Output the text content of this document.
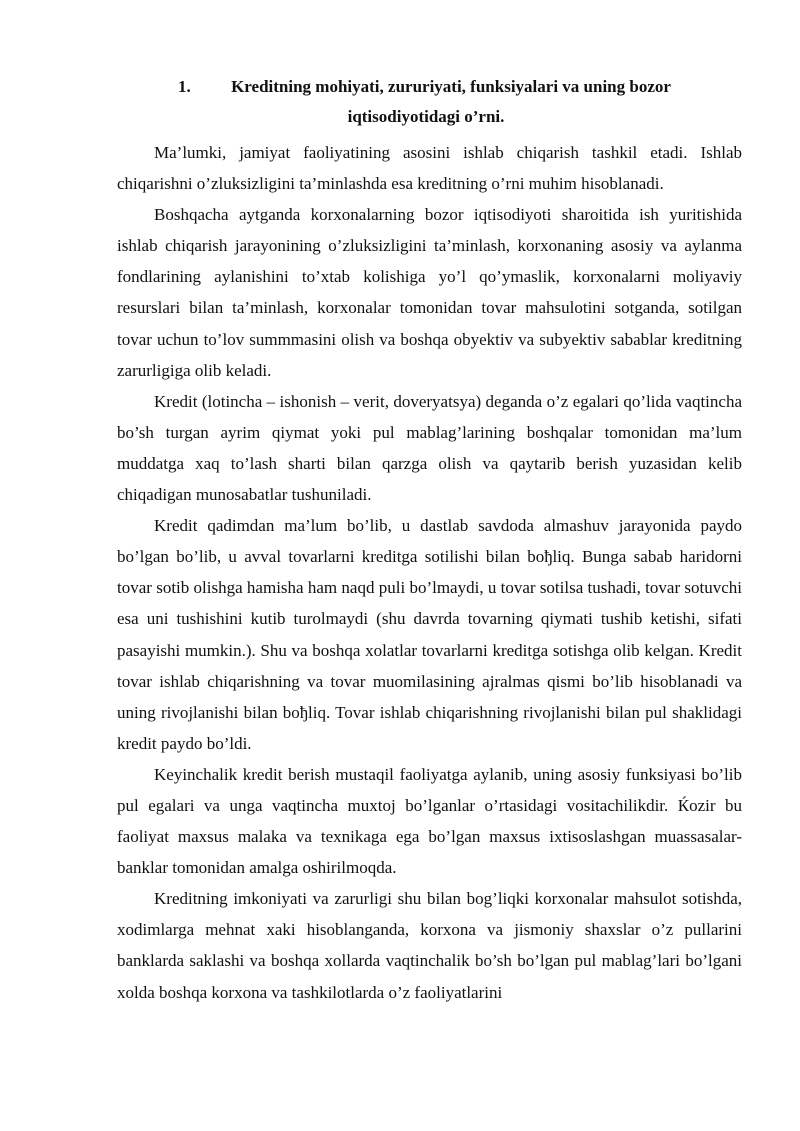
1.	Kreditning mohiyati, zururiyati, funksiyalari va uning bozor
iqtisodiyotidagi o’rni.

Ma’lumki, jamiyat faoliyatining asosini ishlab chiqarish tashkil etadi. Ishlab chiqarishni o’zluksizligini ta’minlashda esa kreditning o’rni muhim hisoblanadi.

Boshqacha aytganda korxonalarning bozor iqtisodiyoti sharoitida ish yuritishida ishlab chiqarish jarayonining o’zluksizligini ta’minlash, korxonaning asosiy va aylanma fondlarining aylanishini to’xtab kolishiga yo’l qo’ymaslik, korxonalarni moliyaviy resurslari bilan ta’minlash, korxonalar tomonidan tovar mahsulotini sotganda, sotilgan tovar uchun to’lov summmasini olish va boshqa obyektiv va subyektiv sabablar kreditning zarurligiga olib keladi.

Kredit (lotincha – ishonish – verit, doveryatsya) deganda o’z egalari qo’lida vaqtincha bo’sh turgan ayrim qiymat yoki pul mablag’larining boshqalar tomonidan ma’lum muddatga xaq to’lash sharti bilan qarzga olish va qaytarib berish yuzasidan kelib chiqadigan munosabatlar tushuniladi.

Kredit qadimdan ma’lum bo’lib, u dastlab savdoda almashuv jarayonida paydo bo’lgan bo’lib, u avval tovarlarni kreditga sotilishi bilan boђliq. Bunga sabab haridorni tovar sotib olishga hamisha ham naqd puli bo’lmaydi, u tovar sotilsa tushadi, tovar sotuvchi esa uni tushishini kutib turolmaydi (shu davrda tovarning qiymati tushib ketishi, sifati pasayishi mumkin.). Shu va boshqa xolatlar tovarlarni kreditga sotishga olib kelgan. Kredit tovar ishlab chiqarishning va tovar muomilasining ajralmas qismi bo’lib hisoblanadi va uning rivojlanishi bilan boђliq. Tovar ishlab chiqarishning rivojlanishi bilan pul shaklidagi kredit paydo bo’ldi.

Keyinchalik kredit berish mustaqil faoliyatga aylanib, uning asosiy funksiyasi bo’lib pul egalari va unga vaqtincha muxtoj bo’lganlar o’rtasidagi vositachilikdir. Ќozir bu faoliyat maxsus malaka va texnikaga ega bo’lgan maxsus ixtisoslashgan muassasalar-banklar tomonidan amalga oshirilmoqda.

Kreditning imkoniyati va zarurligi shu bilan bog’liqki korxonalar mahsulot sotishda, xodimlarga mehnat xaki hisoblanganda, korxona va jismoniy shaxslar o’z pullarini banklarda saklashi va boshqa xollarda vaqtinchalik bo’sh bo’lgan pul mablag’lari bo’lgani xolda boshqa korxona va tashkilotlarda o’z faoliyatlarini
